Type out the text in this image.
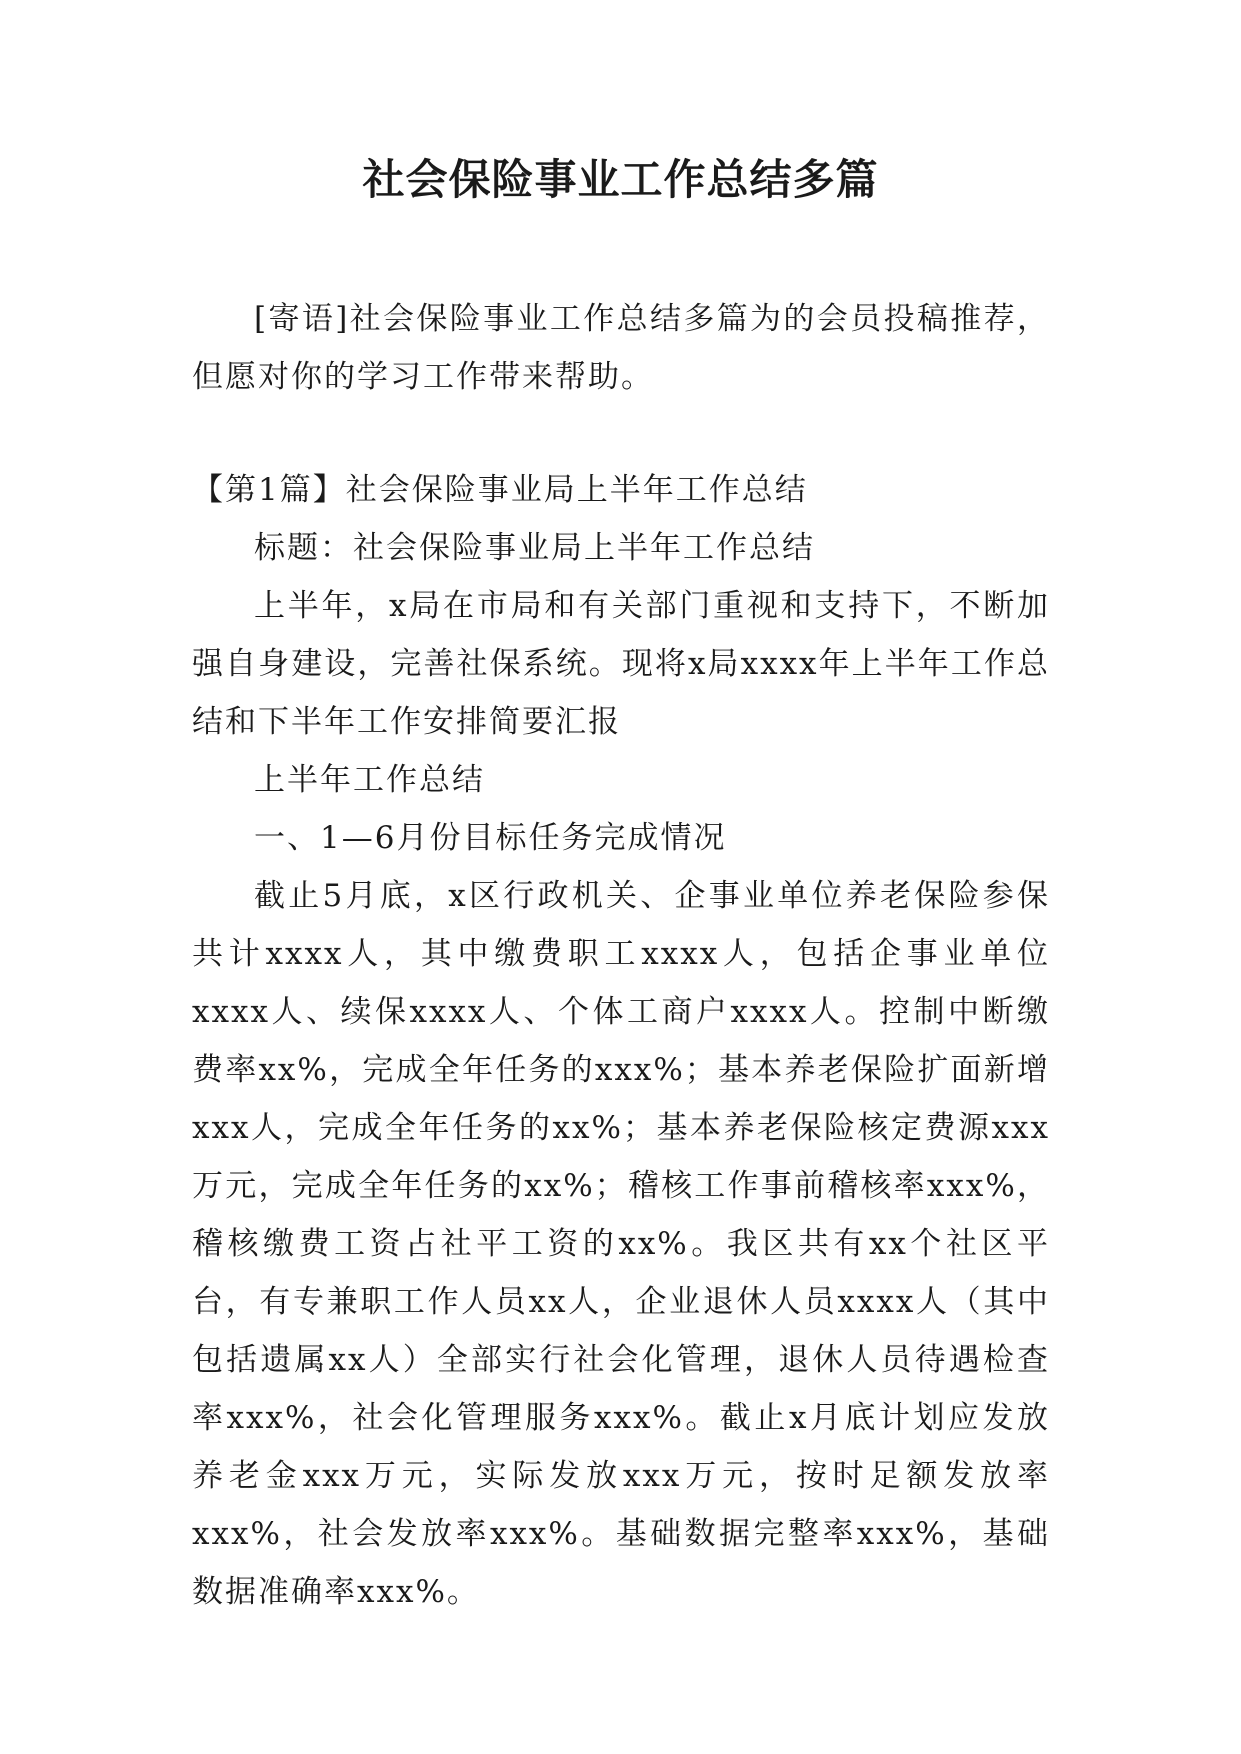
社会保险事业工作总结多篇

[寄语]社会保险事业工作总结多篇为的会员投稿推荐，但愿对你的学习工作带来帮助。

【第1篇】社会保险事业局上半年工作总结

标题：社会保险事业局上半年工作总结

上半年，x局在市局和有关部门重视和支持下，不断加强自身建设，完善社保系统。现将x局xxxx年上半年工作总结和下半年工作安排简要汇报

上半年工作总结

一、1—6月份目标任务完成情况

截止5月底，x区行政机关、企事业单位养老保险参保共计xxxx人，其中缴费职工xxxx人，包括企事业单位xxxx人、续保xxxx人、个体工商户xxxx人。控制中断缴费率xx%，完成全年任务的xxx%；基本养老保险扩面新增xxx人，完成全年任务的xx%；基本养老保险核定费源xxx万元，完成全年任务的xx%；稽核工作事前稽核率xxx%，稽核缴费工资占社平工资的xx%。我区共有xx个社区平台，有专兼职工作人员xx人，企业退休人员xxxx人（其中包括遗属xx人）全部实行社会化管理，退休人员待遇检查率xxx%，社会化管理服务xxx%。截止x月底计划应发放养老金xxx万元，实际发放xxx万元，按时足额发放率xxx%，社会发放率xxx%。基础数据完整率xxx%，基础数据准确率xxx%。
